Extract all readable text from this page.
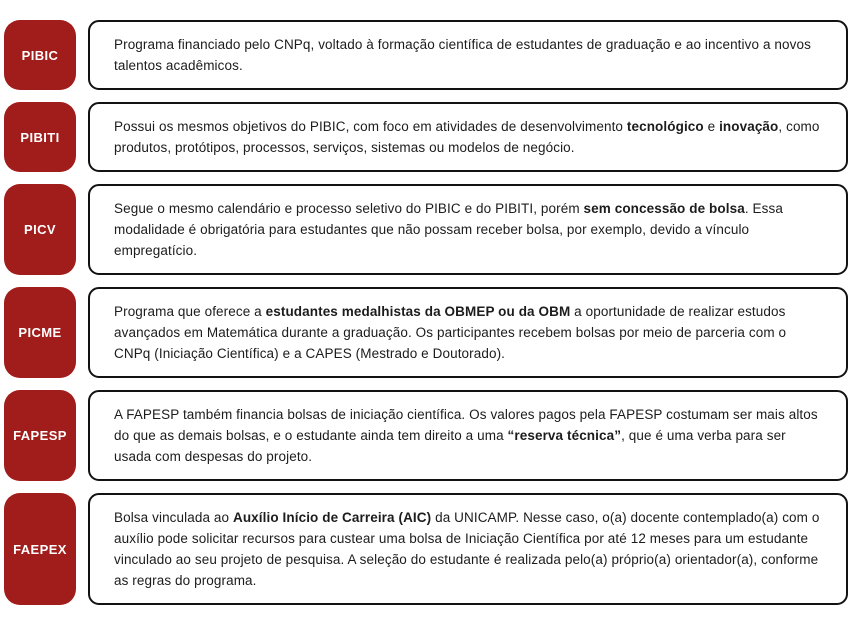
PIBIC

Programa financiado pelo CNPq, voltado à formação científica de estudantes de graduação e ao incentivo a novos talentos acadêmicos.

PIBITI

Possui os mesmos objetivos do PIBIC, com foco em atividades de desenvolvimento tecnológico e inovação, como produtos, protótipos, processos, serviços, sistemas ou modelos de negócio.

PICV

Segue o mesmo calendário e processo seletivo do PIBIC e do PIBITI, porém sem concessão de bolsa. Essa modalidade é obrigatória para estudantes que não possam receber bolsa, por exemplo, devido a vínculo empregatício.

PICME

Programa que oferece a estudantes medalhistas da OBMEP ou da OBM a oportunidade de realizar estudos avançados em Matemática durante a graduação. Os participantes recebem bolsas por meio de parceria com o CNPq (Iniciação Científica) e a CAPES (Mestrado e Doutorado).

FAPESP

A FAPESP também financia bolsas de iniciação científica. Os valores pagos pela FAPESP costumam ser mais altos do que as demais bolsas, e o estudante ainda tem direito a uma “reserva técnica”, que é uma verba para ser usada com despesas do projeto.

FAEPEX

Bolsa vinculada ao Auxílio Início de Carreira (AIC) da UNICAMP. Nesse caso, o(a) docente contemplado(a) com o auxílio pode solicitar recursos para custear uma bolsa de Iniciação Científica por até 12 meses para um estudante vinculado ao seu projeto de pesquisa. A seleção do estudante é realizada pelo(a) próprio(a) orientador(a), conforme as regras do programa.
